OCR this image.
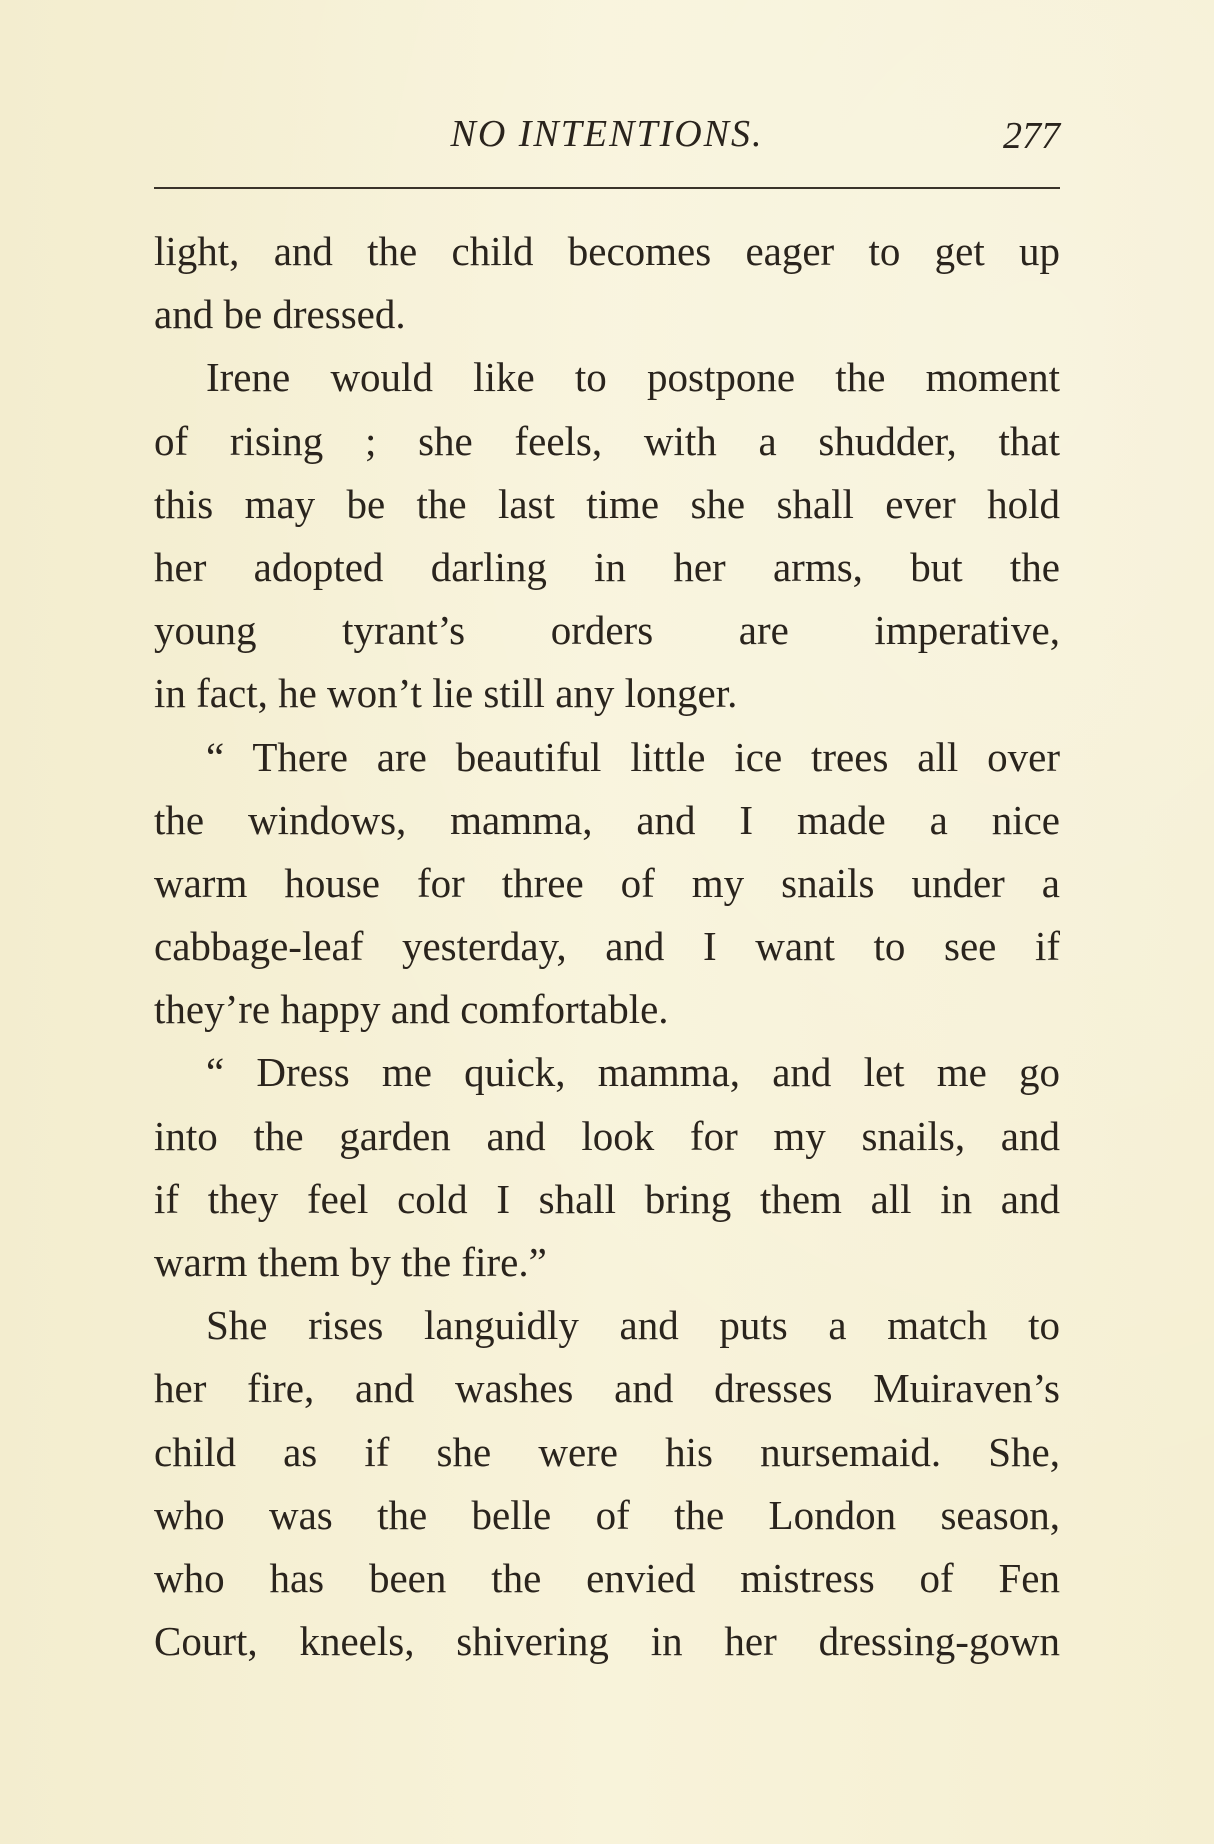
NO INTENTIONS.	277
light, and the child becomes eager to get up
and be dressed.
Irene would like to postpone the moment
of rising ; she feels, with a shudder, that
this may be the last time she shall ever hold
her adopted darling in her arms, but the
young tyrant’s orders are imperative,
in fact, he won’t lie still any longer.
“ There are beautiful little ice trees all over
the windows, mamma, and I made a nice
warm house for three of my snails under a
cabbage-leaf yesterday, and I want to see if
they’re happy and comfortable.
“ Dress me quick, mamma, and let me go
into the garden and look for my snails, and
if they feel cold I shall bring them all in and
warm them by the fire.”
She rises languidly and puts a match to
her fire, and washes and dresses Muiraven’s
child as if she were his nursemaid. She,
who was the belle of the London season,
who has been the envied mistress of Fen
Court, kneels, shivering in her dressing-gown
